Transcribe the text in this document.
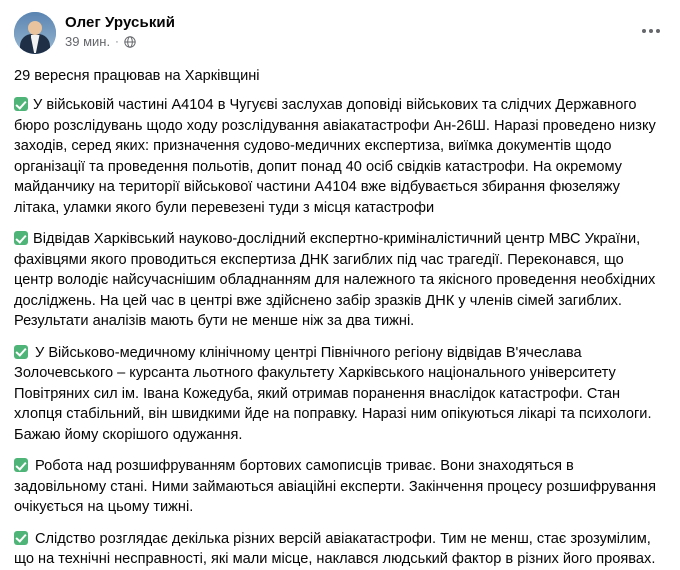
Олег Уруський
39 мин. ·

29 вересня працював на Харківщині

У військовій частині А4104 в Чугуєві заслухав доповіді військових та слідчих Державного бюро розслідувань щодо ходу розслідування авіакатастрофи Ан-26Ш. Наразі проведено низку заходів, серед яких: призначення судово-медичних експертиза, виїмка документів щодо організації та проведення польотів, допит понад 40 осіб свідків катастрофи. На окремому майданчику на території військової частини А4104 вже відбувається збирання фюзеляжу літака, уламки якого були перевезені туди з місця катастрофи

Відвідав Харківський науково-дослідний експертно-криміналістичний центр МВС України, фахівцями якого проводиться експертиза ДНК загиблих під час трагедії. Переконався, що центр володіє найсучаснішим обладнанням для належного та якісного проведення необхідних досліджень. На цей час в центрі вже здійснено забір зразків ДНК у членів сімей загиблих. Результати аналізів мають бути не менше ніж за два тижні.

У Військово-медичному клінічному центрі Північного регіону відвідав В'ячеслава Золочевського – курсанта льотного факультету Харківського національного університету Повітряних сил ім. Івана Кожедуба, який отримав поранення внаслідок катастрофи. Стан хлопця стабільний, він швидкими йде на поправку. Наразі ним опікуються лікарі та психологи. Бажаю йому скорішого одужання.

Робота над розшифруванням бортових самописців триває. Вони знаходяться в задовільному стані. Ними займаються авіаційні експерти. Закінчення процесу розшифрування очікується на цьому тижні.

Слідство розглядає декілька різних версій авіакатастрофи. Тим не менш, стає зрозумілим, що на технічні несправності, які мали місце, наклався людський фактор в різних його проявах.
